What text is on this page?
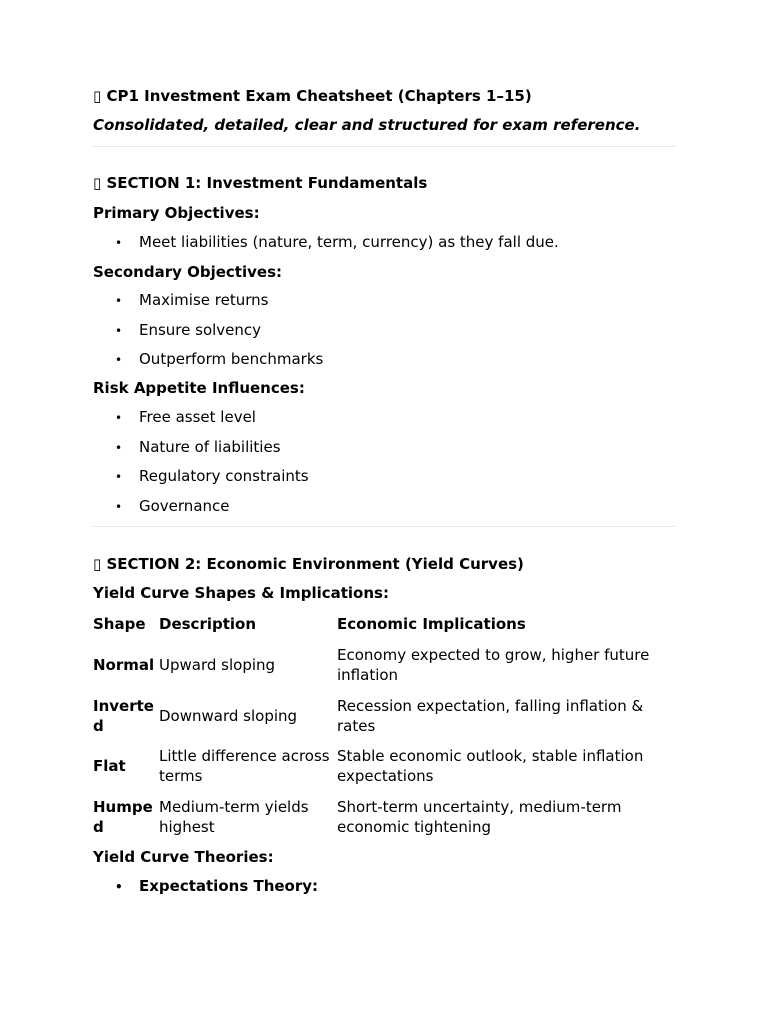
▯ CP1 Investment Exam Cheatsheet (Chapters 1–15)
Consolidated, detailed, clear and structured for exam reference.
▯ SECTION 1: Investment Fundamentals
Primary Objectives:
• Meet liabilities (nature, term, currency) as they fall due.
Secondary Objectives:
• Maximise returns
• Ensure solvency
• Outperform benchmarks
Risk Appetite Influences:
• Free asset level
• Nature of liabilities
• Regulatory constraints
• Governance
▯ SECTION 2: Economic Environment (Yield Curves)
Yield Curve Shapes & Implications:
Shape Description	Economic Implications
Normal Upward sloping
Economy expected to grow, higher future inflation
Inverte d
Downward sloping
Recession expectation, falling inflation & rates
Flat
Little difference across terms
Stable economic outlook, stable inflation expectations
Humpe d
Medium-term yields highest
Short-term uncertainty, medium-term economic tightening
Yield Curve Theories:
• Expectations Theory:
